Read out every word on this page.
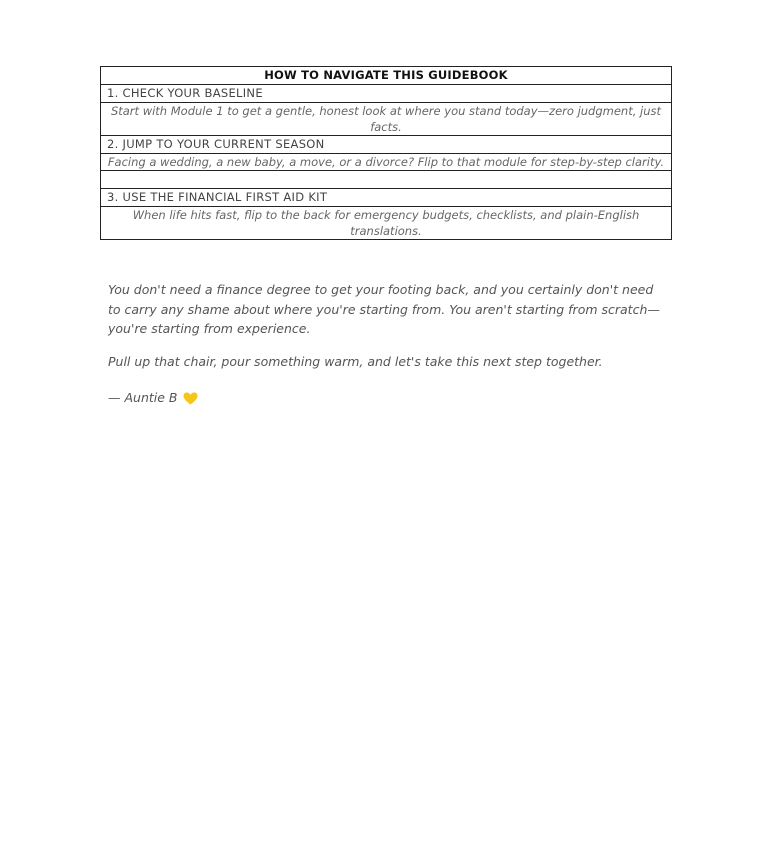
HOW TO NAVIGATE THIS GUIDEBOOK
1. CHECK YOUR BASELINE
Start with Module 1 to get a gentle, honest look at where you stand today—zero judgment, just facts.
2. JUMP TO YOUR CURRENT SEASON
Facing a wedding, a new baby, a move, or a divorce? Flip to that module for step-by-step clarity.

3. USE THE FINANCIAL FIRST AID KIT
When life hits fast, flip to the back for emergency budgets, checklists, and plain-English translations.

You don't need a finance degree to get your footing back, and you certainly don't need to carry any shame about where you're starting from. You aren't starting from scratch—you're starting from experience.

Pull up that chair, pour something warm, and let's take this next step together.

— Auntie B
